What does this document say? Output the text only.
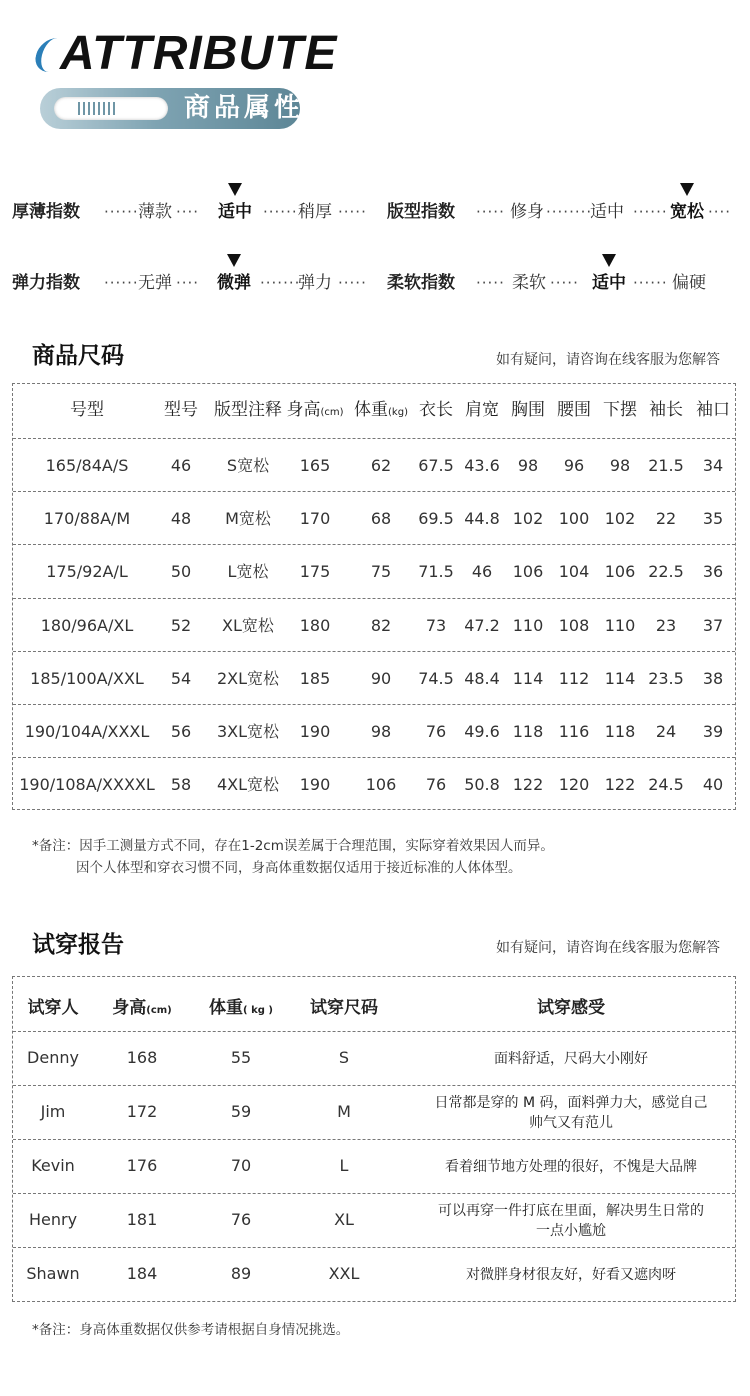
ATTRIBUTE
商品属性
厚薄指数 ······ 薄款 ···· 适中 ······ 稍厚 ····· 版型指数 ····· 修身 ········
适中 ······ 宽松 ····
弹力指数 ······ 无弹 ···· 微弹 ·······
弹力 ····· 柔软指数 ····· 柔软 ····· 适中 ······ 偏硬
商品尺码	如有疑问，请咨询在线客服为您解答
号型	型号 版型注释 身高(cm) 体重(kg) 衣长 肩宽 胸围 腰围 下摆 袖长 袖口
165/84A/S	46 S宽松 165	62 67.5 43.6 98 96 98 21.5 34
170/88A/M	48 M宽松 170	68 69.5 44.8 102 100 102 22 35
175/92A/L	50 L宽松 175	75 71.5 46 106 104 106 22.5 36
180/96A/XL 52 XL宽松 180	82 73 47.2 110 108 110 23 37
185/100A/XXL 54 2XL宽松 185	90 74.5 48.4 114 112 114 23.5 38
190/104A/XXXL 56 3XL宽松 190	98 76 49.6 118 116 118 24 39
190/108A/XXXXL 58 4XL宽松 190 106 76 50.8 122 120 122 24.5 40
*备注：因手工测量方式不同，存在1-2cm误差属于合理范围，实际穿着效果因人而异。
因个人体型和穿衣习惯不同，身高体重数据仅适用于接近标准的人体体型。
试穿报告	如有疑问，请咨询在线客服为您解答
试穿人 身高(cm) 体重( kg ) 试穿尺码	试穿感受
Denny	168	55	S	面料舒适，尺码大小刚好
Jim	172	59	M	日常都是穿的 M 码，面料弹力大，感觉自己
帅气又有范儿
Kevin	176	70	L	看着细节地方处理的很好，不愧是大品牌
Henry	181	76	XL	可以再穿一件打底在里面，解决男生日常的
一点小尴尬
Shawn	184	89	XXL	对微胖身材很友好，好看又遮肉呀
*备注：身高体重数据仅供参考请根据自身情况挑选。
